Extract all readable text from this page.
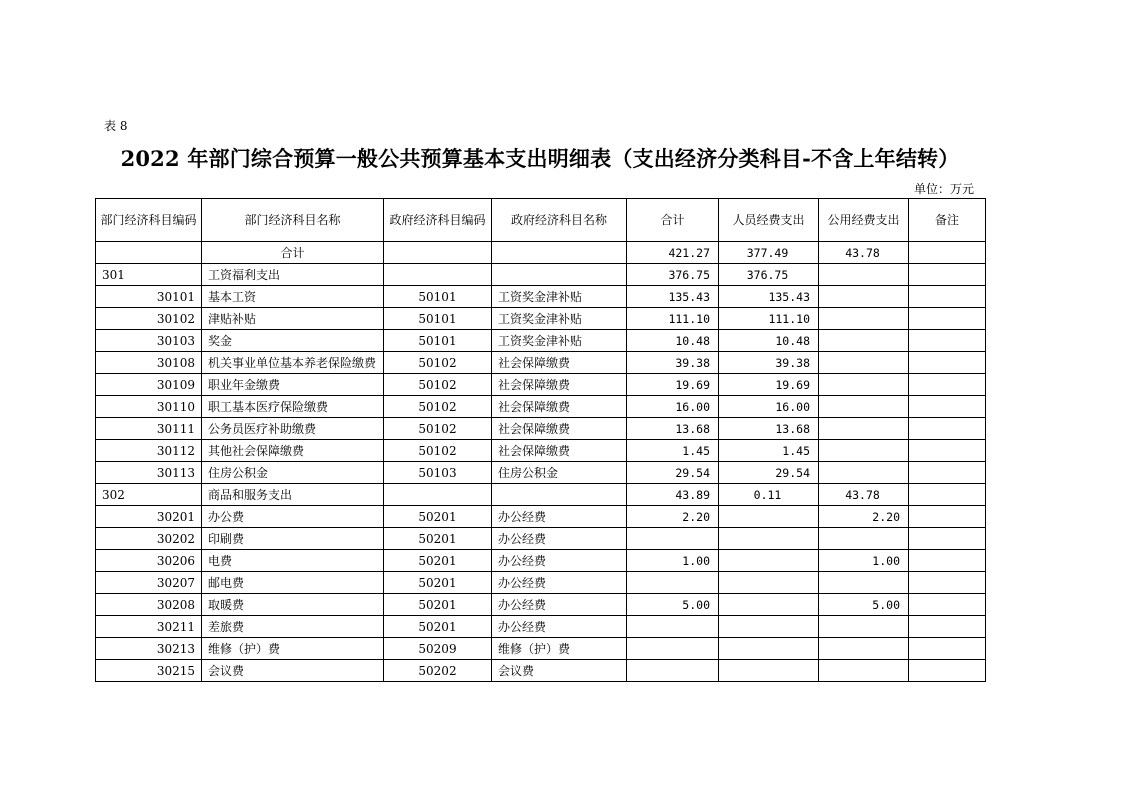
表 8
2022 年部门综合预算一般公共预算基本支出明细表（支出经济分类科目-不含上年结转）
单位：万元
部门经济科目编码	部门经济科目名称	政府经济科目编码	政府经济科目名称	合计	人员经费支出	公用经费支出	备注
	合计			421.27	377.49	43.78	
301	工资福利支出			376.75	376.75		
30101	基本工资	50101	工资奖金津补贴	135.43	135.43		
30102	津贴补贴	50101	工资奖金津补贴	111.10	111.10		
30103	奖金	50101	工资奖金津补贴	10.48	10.48		
30108	机关事业单位基本养老保险缴费	50102	社会保障缴费	39.38	39.38		
30109	职业年金缴费	50102	社会保障缴费	19.69	19.69		
30110	职工基本医疗保险缴费	50102	社会保障缴费	16.00	16.00		
30111	公务员医疗补助缴费	50102	社会保障缴费	13.68	13.68		
30112	其他社会保障缴费	50102	社会保障缴费	1.45	1.45		
30113	住房公积金	50103	住房公积金	29.54	29.54		
302	商品和服务支出			43.89	0.11	43.78	
30201	办公费	50201	办公经费	2.20		2.20	
30202	印刷费	50201	办公经费				
30206	电费	50201	办公经费	1.00		1.00	
30207	邮电费	50201	办公经费				
30208	取暖费	50201	办公经费	5.00		5.00	
30211	差旅费	50201	办公经费				
30213	维修（护）费	50209	维修（护）费				
30215	会议费	50202	会议费				
